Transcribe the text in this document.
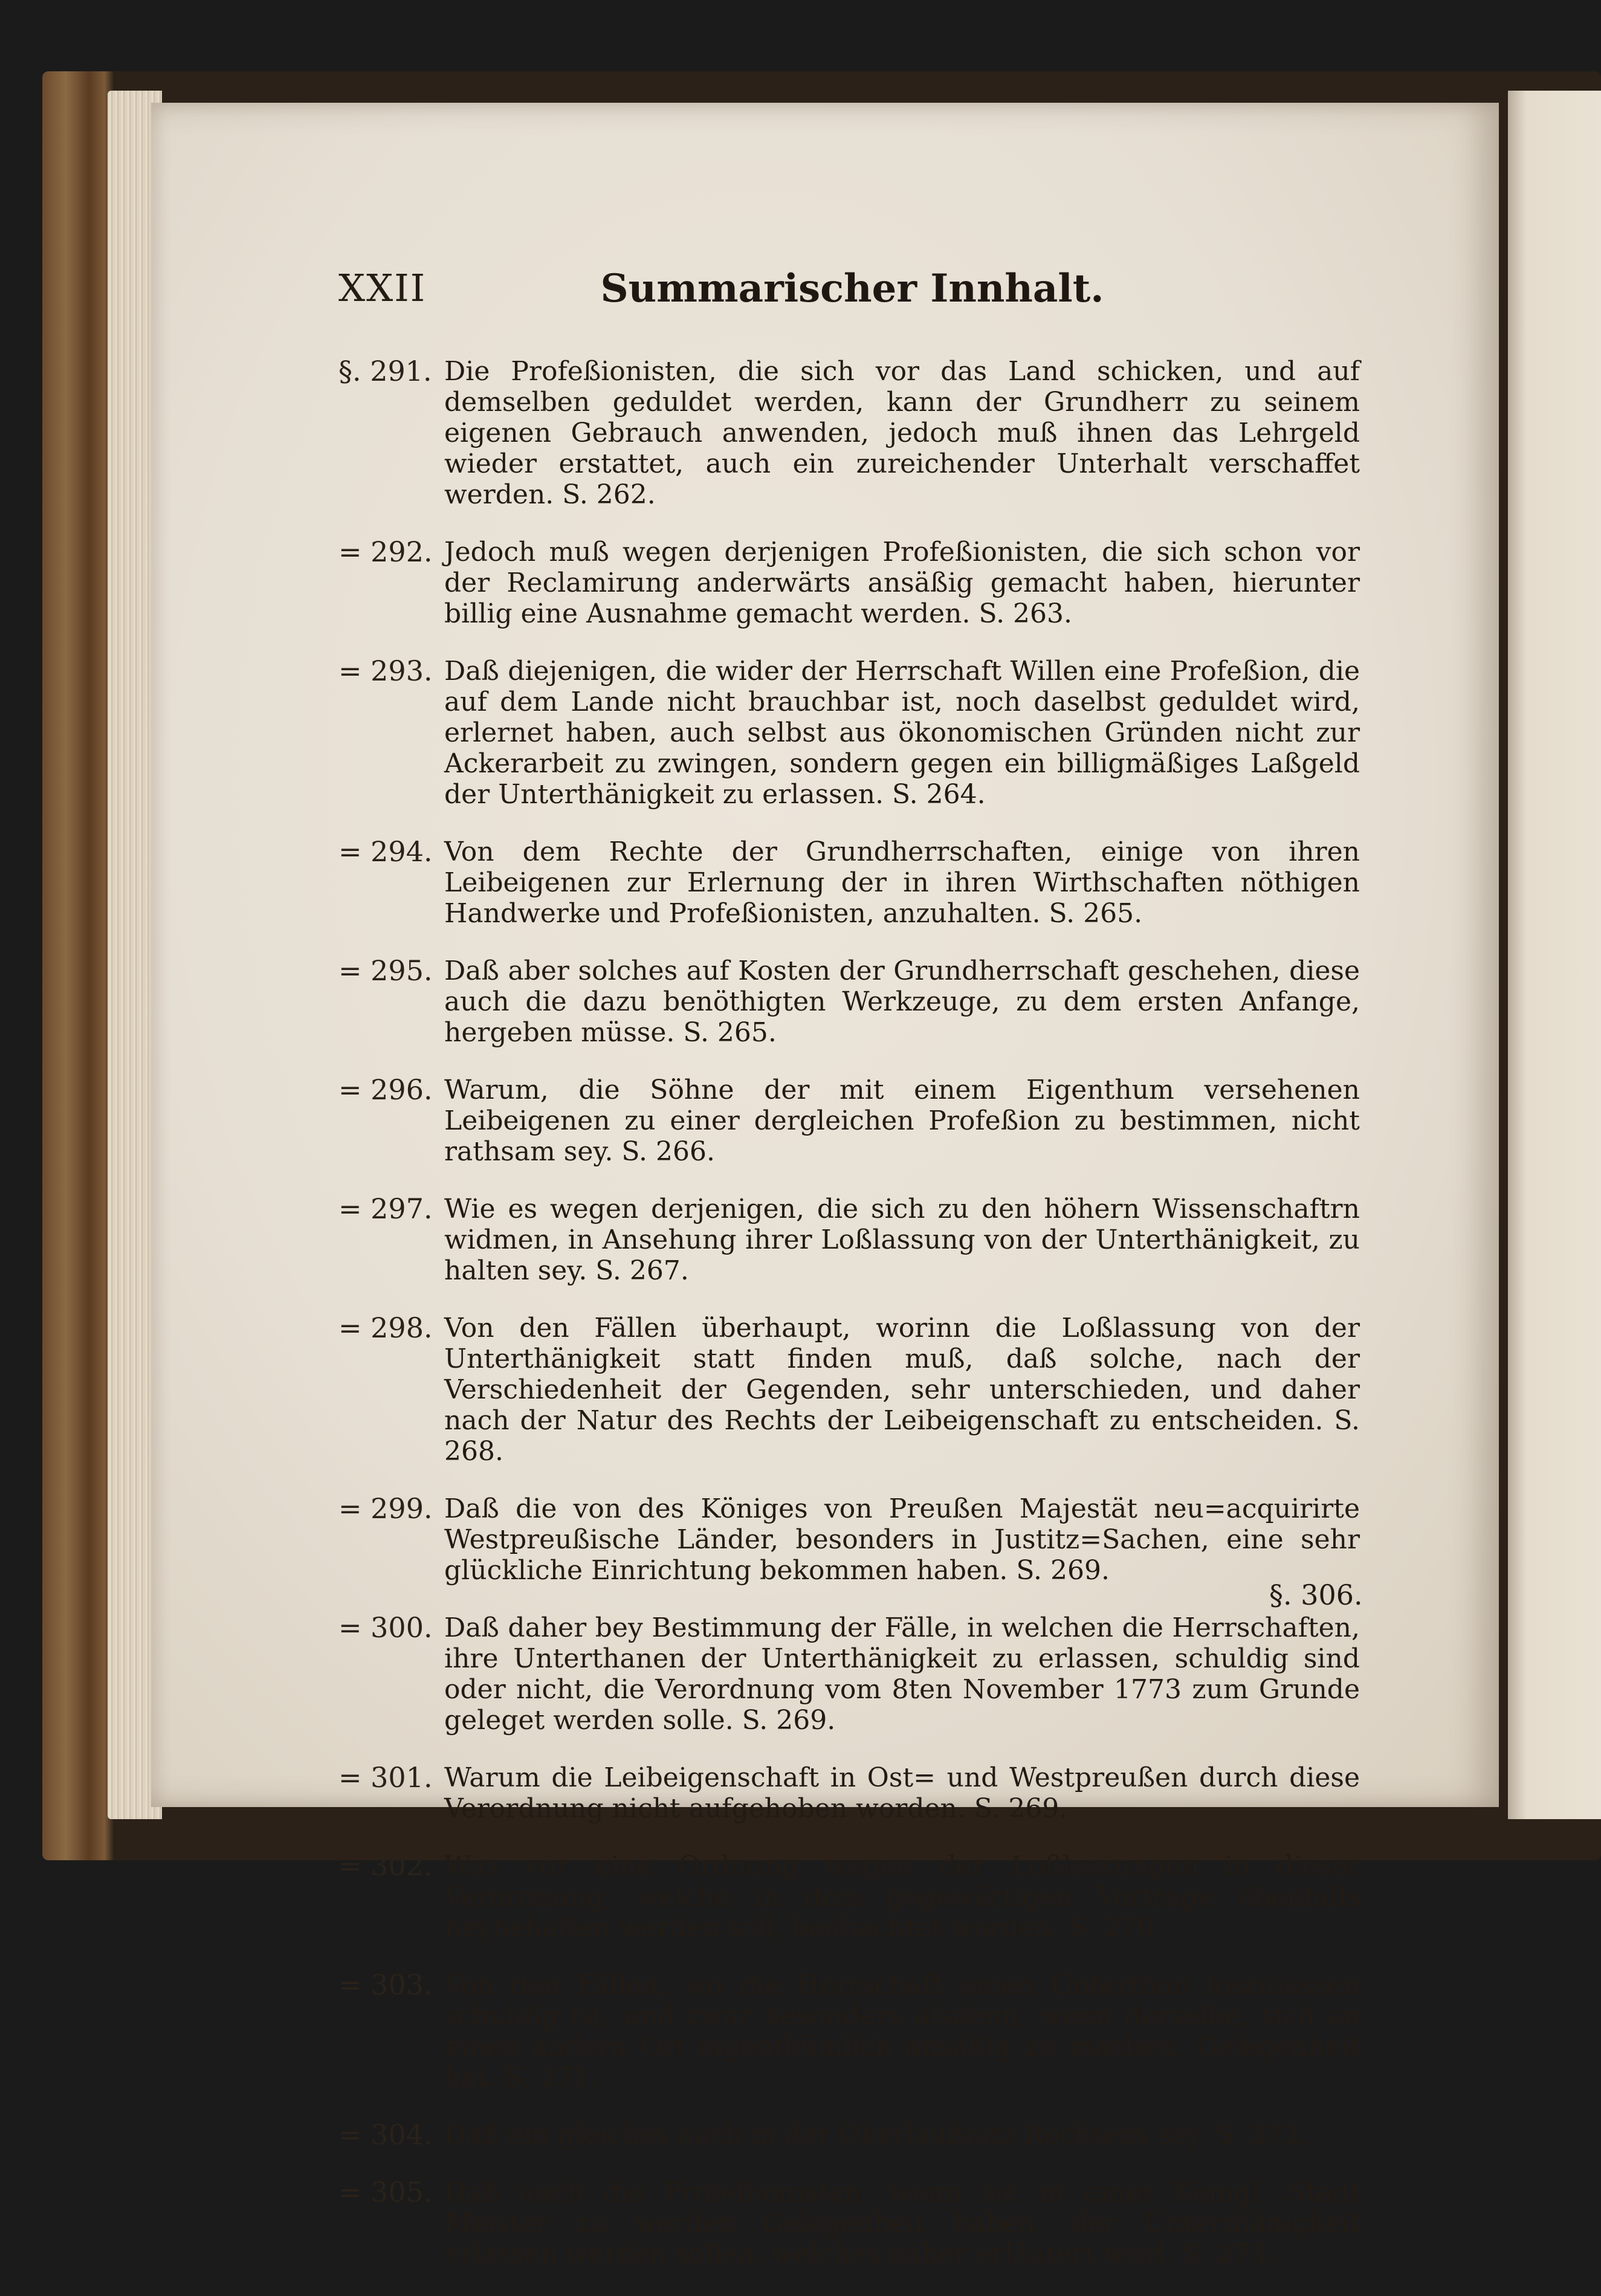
Summarischer Innhalt.
XXII
§. 291. Die Profeßionisten, die sich vor das Land schicken, und auf demselben geduldet werden, kann der Grundherr zu seinem eigenen Gebrauch anwenden, jedoch muß ihnen das Lehrgeld wieder erstattet, auch ein zureichender Unterhalt verschaffet werden. S. 262.

= 292. Jedoch muß wegen derjenigen Profeßionisten, die sich schon vor der Reclamirung anderwärts ansäßig gemacht haben, hierunter billig eine Ausnahme gemacht werden. S. 263.

= 293. Daß diejenigen, die wider der Herrschaft Willen eine Profeßion, die auf dem Lande nicht brauchbar ist, noch daselbst geduldet wird, erlernet haben, auch selbst aus ökonomischen Gründen nicht zur Ackerarbeit zu zwingen, sondern gegen ein billigmäßiges Laßgeld der Unterthänigkeit zu erlassen. S. 264.

= 294. Von dem Rechte der Grundherrschaften, einige von ihren Leibeigenen zur Erlernung der in ihren Wirthschaften nöthigen Handwerke und Profeßionisten, anzuhalten. S. 265.

= 295. Daß aber solches auf Kosten der Grundherrschaft geschehen, diese auch die dazu benöthigten Werkzeuge, zu dem ersten Anfange, hergeben müsse. S. 265.

= 296. Warum, die Söhne der mit einem Eigenthum versehenen Leibeigenen zu einer dergleichen Profeßion zu bestimmen, nicht rathsam sey. S. 266.

= 297. Wie es wegen derjenigen, die sich zu den höhern Wissenschaftrn widmen, in Ansehung ihrer Loßlassung von der Unterthänigkeit, zu halten sey. S. 267.

= 298. Von den Fällen überhaupt, worinn die Loßlassung von der Unterthänigkeit statt finden muß, daß solche, nach der Verschiedenheit der Gegenden, sehr unterschieden, und daher nach der Natur des Rechts der Leibeigenschaft zu entscheiden. S. 268.

= 299. Daß die von des Königes von Preußen Majestät neu=acquirirte Westpreußische Länder, besonders in Justitz=Sachen, eine sehr glückliche Einrichtung bekommen haben. S. 269.

= 300. Daß daher bey Bestimmung der Fälle, in welchen die Herrschaften, ihre Unterthanen der Unterthänigkeit zu erlassen, schuldig sind oder nicht, die Verordnung vom 8ten November 1773 zum Grunde geleget werden solle. S. 269.

= 301. Warum die Leibeigenschaft in Ost= und Westpreußen durch diese Verordnung nicht aufgehoben worden. S. 269.

= 302. Was vor eine Ordnung wegen der Loßlassungen in dieser Verordnung, welche in dem gegewärtigen Vortrage ebenfalls beybehalten werden soll, beobachtet worden. S. 270.

= 303. Von den Fällen, wo die Herrschaft einen Unterthan loszulassen schuldig ist, und zwar besonders alsdenn, wenn derselbe, sich an einen andern Ort eigenthümlich ansäßig zu machen, Gelegenheit hat. S. 271.

= 304. Daß ein gleiches auch in der Oberlaußnitz Rechtens sey. S. 272.

= 305. Daß auch die Profeßionisten, wenn sie in einer Königl. Stadt Meister zu werden Gelegenheit haben, der Unterthänigkeit erlassen werden sollen, welches näher erläutert wird. S. 273.

§. 306.
